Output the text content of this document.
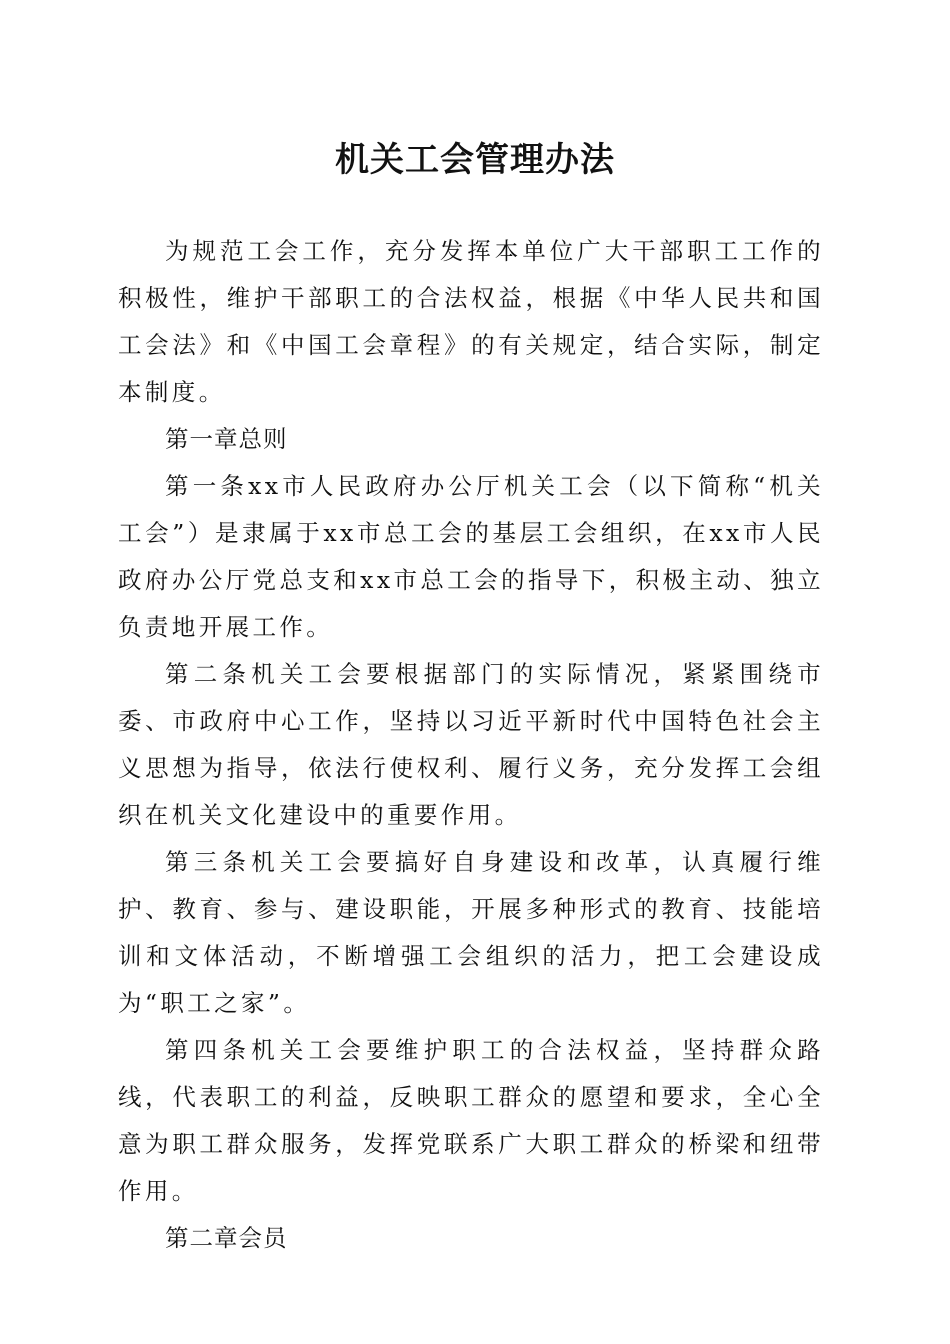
机关工会管理办法

为规范工会工作，充分发挥本单位广大干部职工工作的积极性，维护干部职工的合法权益，根据《中华人民共和国工会法》和《中国工会章程》的有关规定，结合实际，制定本制度。

第一章总则

第一条xx市人民政府办公厅机关工会（以下简称“机关工会”）是隶属于xx市总工会的基层工会组织，在xx市人民政府办公厅党总支和xx市总工会的指导下，积极主动、独立负责地开展工作。

第二条机关工会要根据部门的实际情况，紧紧围绕市委、市政府中心工作，坚持以习近平新时代中国特色社会主义思想为指导，依法行使权利、履行义务，充分发挥工会组织在机关文化建设中的重要作用。

第三条机关工会要搞好自身建设和改革，认真履行维护、教育、参与、建设职能，开展多种形式的教育、技能培训和文体活动，不断增强工会组织的活力，把工会建设成为“职工之家”。

第四条机关工会要维护职工的合法权益，坚持群众路线，代表职工的利益，反映职工群众的愿望和要求，全心全意为职工群众服务，发挥党联系广大职工群众的桥梁和纽带作用。

第二章会员
